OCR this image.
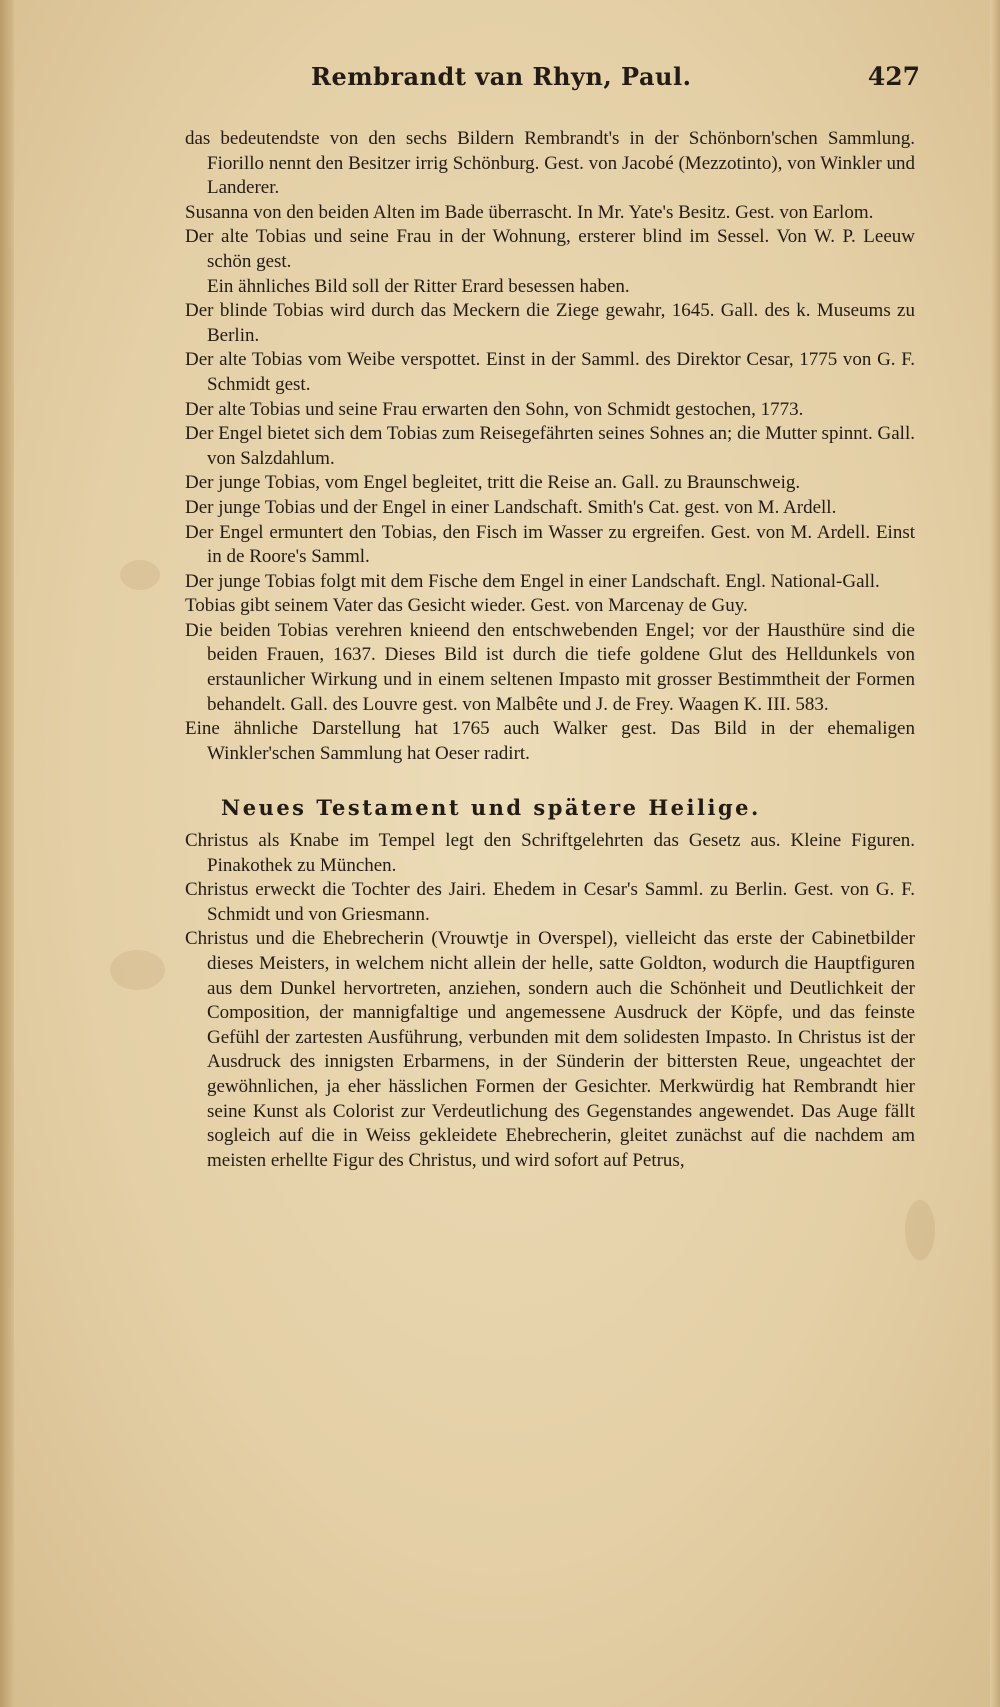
Rembrandt van Rhyn, Paul.	427

das bedeutendste von den sechs Bildern Rembrandt's in der Schönborn'schen Sammlung. Fiorillo nennt den Besitzer irrig Schönburg. Gest. von Jacobé (Mezzotinto), von Winkler und Landerer.

Susanna von den beiden Alten im Bade überrascht. In Mr. Yate's Besitz. Gest. von Earlom.

Der alte Tobias und seine Frau in der Wohnung, ersterer blind im Sessel. Von W. P. Leeuw schön gest.

Ein ähnliches Bild soll der Ritter Erard besessen haben.

Der blinde Tobias wird durch das Meckern die Ziege gewahr, 1645. Gall. des k. Museums zu Berlin.

Der alte Tobias vom Weibe verspottet. Einst in der Samml. des Direktor Cesar, 1775 von G. F. Schmidt gest.

Der alte Tobias und seine Frau erwarten den Sohn, von Schmidt gestochen, 1773.

Der Engel bietet sich dem Tobias zum Reisegefährten seines Sohnes an; die Mutter spinnt. Gall. von Salzdahlum.

Der junge Tobias, vom Engel begleitet, tritt die Reise an. Gall. zu Braunschweig.

Der junge Tobias und der Engel in einer Landschaft. Smith's Cat. gest. von M. Ardell.

Der Engel ermuntert den Tobias, den Fisch im Wasser zu ergreifen. Gest. von M. Ardell. Einst in de Roore's Samml.

Der junge Tobias folgt mit dem Fische dem Engel in einer Landschaft. Engl. National-Gall.

Tobias gibt seinem Vater das Gesicht wieder. Gest. von Marcenay de Guy.

Die beiden Tobias verehren knieend den entschwebenden Engel; vor der Hausthüre sind die beiden Frauen, 1637. Dieses Bild ist durch die tiefe goldene Glut des Helldunkels von erstaunlicher Wirkung und in einem seltenen Impasto mit grosser Bestimmtheit der Formen behandelt. Gall. des Louvre gest. von Malbête und J. de Frey. Waagen K. III. 583.

Eine ähnliche Darstellung hat 1765 auch Walker gest. Das Bild in der ehemaligen Winkler'schen Sammlung hat Oeser radirt.

Neues Testament und spätere Heilige.

Christus als Knabe im Tempel legt den Schriftgelehrten das Gesetz aus. Kleine Figuren. Pinakothek zu München.

Christus erweckt die Tochter des Jairi. Ehedem in Cesar's Samml. zu Berlin. Gest. von G. F. Schmidt und von Griesmann.

Christus und die Ehebrecherin (Vrouwtje in Overspel), vielleicht das erste der Cabinetbilder dieses Meisters, in welchem nicht allein der helle, satte Goldton, wodurch die Hauptfiguren aus dem Dunkel hervortreten, anziehen, sondern auch die Schönheit und Deutlichkeit der Composition, der mannigfaltige und angemessene Ausdruck der Köpfe, und das feinste Gefühl der zartesten Ausführung, verbunden mit dem solidesten Impasto. In Christus ist der Ausdruck des innigsten Erbarmens, in der Sünderin der bittersten Reue, ungeachtet der gewöhnlichen, ja eher hässlichen Formen der Gesichter. Merkwürdig hat Rembrandt hier seine Kunst als Colorist zur Verdeutlichung des Gegenstandes angewendet. Das Auge fällt sogleich auf die in Weiss gekleidete Ehebrecherin, gleitet zunächst auf die nachdem am meisten erhellte Figur des Christus, und wird sofort auf Petrus,
